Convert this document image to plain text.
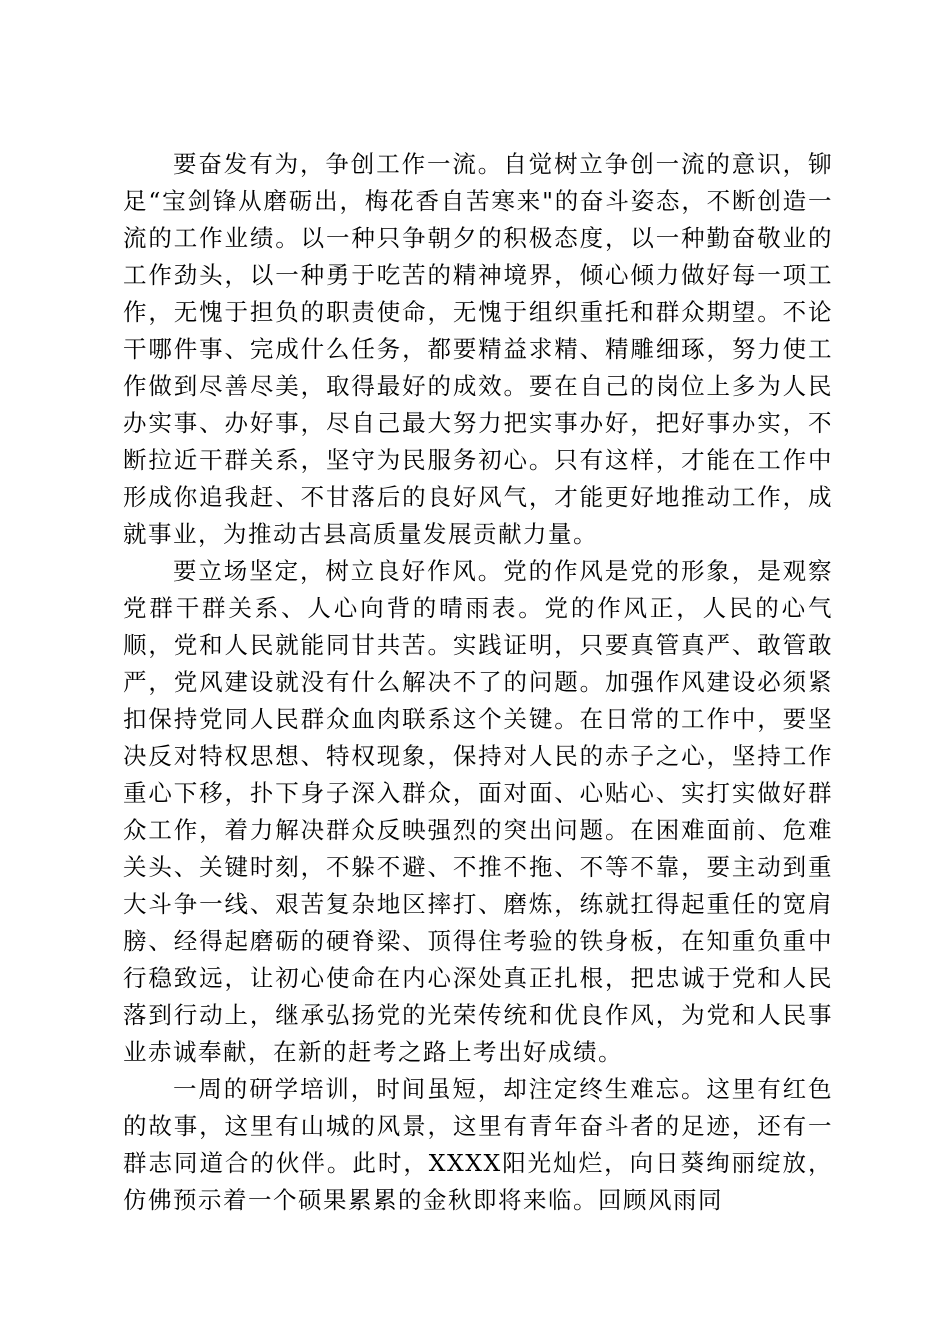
要奋发有为，争创工作一流。自觉树立争创一流的意识，铆足“宝剑锋从磨砺出，梅花香自苦寒来"的奋斗姿态，不断创造一流的工作业绩。以一种只争朝夕的积极态度，以一种勤奋敬业的工作劲头，以一种勇于吃苦的精神境界，倾心倾力做好每一项工作，无愧于担负的职责使命，无愧于组织重托和群众期望。不论干哪件事、完成什么任务，都要精益求精、精雕细琢，努力使工作做到尽善尽美，取得最好的成效。要在自己的岗位上多为人民办实事、办好事，尽自己最大努力把实事办好，把好事办实，不断拉近干群关系，坚守为民服务初心。只有这样，才能在工作中形成你追我赶、不甘落后的良好风气，才能更好地推动工作，成就事业，为推动古县高质量发展贡献力量。

要立场坚定，树立良好作风。党的作风是党的形象，是观察党群干群关系、人心向背的晴雨表。党的作风正，人民的心气顺，党和人民就能同甘共苦。实践证明，只要真管真严、敢管敢严，党风建设就没有什么解决不了的问题。加强作风建设必须紧扣保持党同人民群众血肉联系这个关键。在日常的工作中，要坚决反对特权思想、特权现象，保持对人民的赤子之心，坚持工作重心下移，扑下身子深入群众，面对面、心贴心、实打实做好群众工作，着力解决群众反映强烈的突出问题。在困难面前、危难关头、关键时刻，不躲不避、不推不拖、不等不靠，要主动到重大斗争一线、艰苦复杂地区摔打、磨炼，练就扛得起重任的宽肩膀、经得起磨砺的硬脊梁、顶得住考验的铁身板，在知重负重中行稳致远，让初心使命在内心深处真正扎根，把忠诚于党和人民落到行动上，继承弘扬党的光荣传统和优良作风，为党和人民事业赤诚奉献，在新的赶考之路上考出好成绩。

一周的研学培训，时间虽短，却注定终生难忘。这里有红色的故事，这里有山城的风景，这里有青年奋斗者的足迹，还有一群志同道合的伙伴。此时，XXXX阳光灿烂，向日葵绚丽绽放，仿佛预示着一个硕果累累的金秋即将来临。回顾风雨同
